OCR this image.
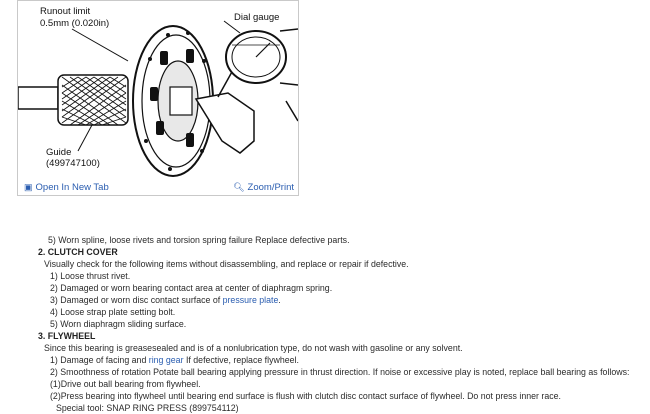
Runout limit
0.5mm (0.020in)
Dial gauge
Guide
(499747100)
▣ Open In New Tab	🔍︎ Zoom/Print
5) Worn spline, loose rivets and torsion spring failure Replace defective parts.
2. CLUTCH COVER
Visually check for the following items without disassembling, and replace or repair if defective.
1) Loose thrust rivet.
2) Damaged or worn bearing contact area at center of diaphragm spring.
3) Damaged or worn disc contact surface of pressure plate.
4) Loose strap plate setting bolt.
5) Worn diaphragm sliding surface.
3. FLYWHEEL
Since this bearing is greasesealed and is of a nonlubrication type, do not wash with gasoline or any solvent.
1) Damage of facing and ring gear If defective, replace flywheel.
2) Smoothness of rotation Potate ball bearing applying pressure in thrust direction. If noise or excessive play is noted, replace ball bearing as follows:
(1)Drive out ball bearing from flywheel.
(2)Press bearing into flywheel until bearing end surface is flush with clutch disc contact surface of flywheel. Do not press inner race.
Special tool: SNAP RING PRESS (899754112)
